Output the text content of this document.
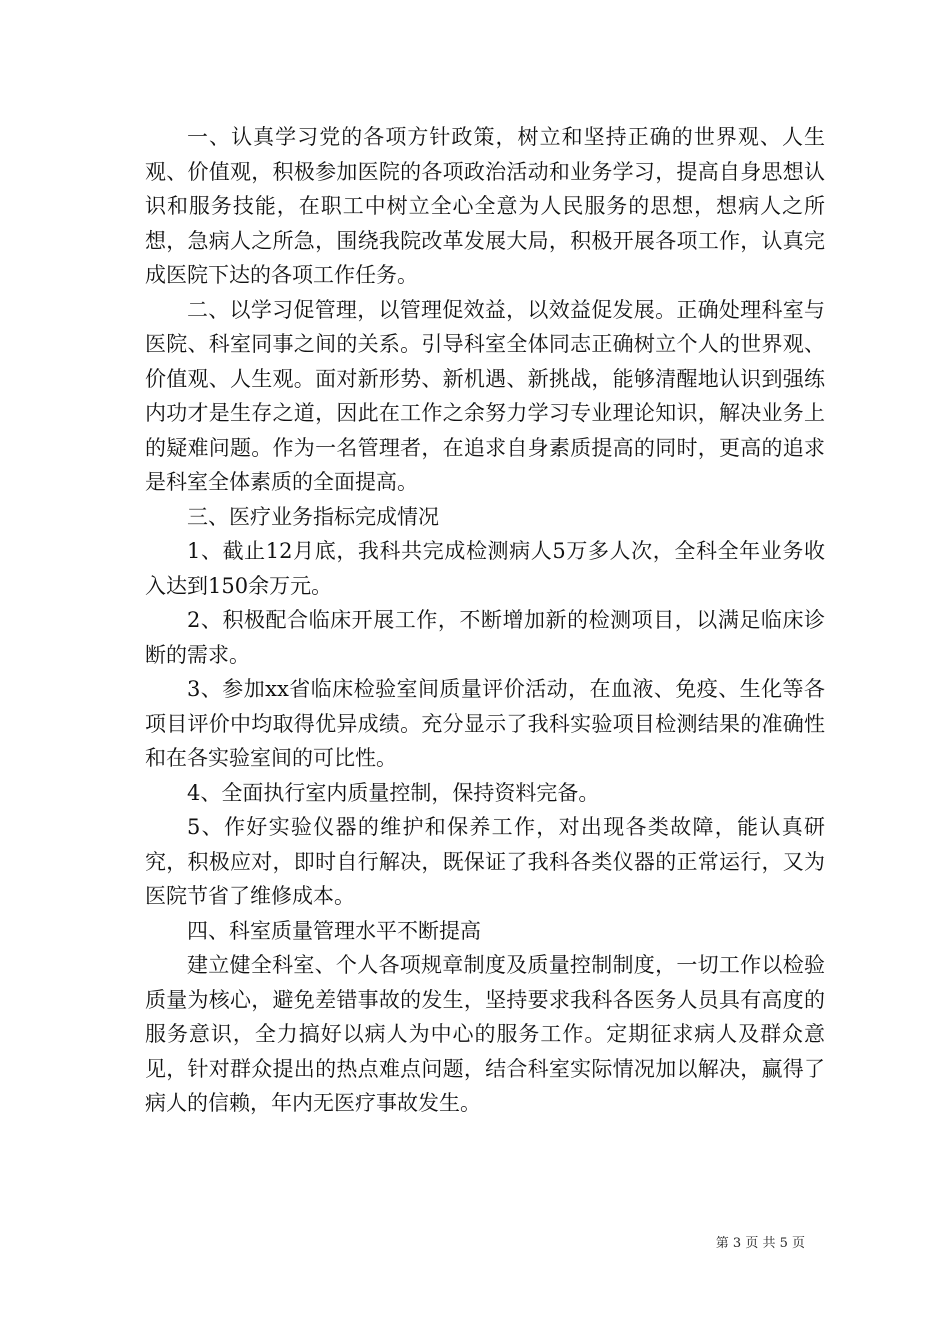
一、认真学习党的各项方针政策，树立和坚持正确的世界观、人生观、价值观，积极参加医院的各项政治活动和业务学习，提高自身思想认识和服务技能，在职工中树立全心全意为人民服务的思想，想病人之所想，急病人之所急，围绕我院改革发展大局，积极开展各项工作，认真完成医院下达的各项工作任务。

二、以学习促管理，以管理促效益，以效益促发展。正确处理科室与医院、科室同事之间的关系。引导科室全体同志正确树立个人的世界观、价值观、人生观。面对新形势、新机遇、新挑战，能够清醒地认识到强练内功才是生存之道，因此在工作之余努力学习专业理论知识，解决业务上的疑难问题。作为一名管理者，在追求自身素质提高的同时，更高的追求是科室全体素质的全面提高。

三、医疗业务指标完成情况

1、截止12月底，我科共完成检测病人5万多人次，全科全年业务收入达到150余万元。

2、积极配合临床开展工作，不断增加新的检测项目，以满足临床诊断的需求。

3、参加xx省临床检验室间质量评价活动，在血液、免疫、生化等各项目评价中均取得优异成绩。充分显示了我科实验项目检测结果的准确性和在各实验室间的可比性。

4、全面执行室内质量控制，保持资料完备。

5、作好实验仪器的维护和保养工作，对出现各类故障，能认真研究，积极应对，即时自行解决，既保证了我科各类仪器的正常运行，又为医院节省了维修成本。

四、科室质量管理水平不断提高

建立健全科室、个人各项规章制度及质量控制制度，一切工作以检验质量为核心，避免差错事故的发生，坚持要求我科各医务人员具有高度的服务意识，全力搞好以病人为中心的服务工作。定期征求病人及群众意见，针对群众提出的热点难点问题，结合科室实际情况加以解决，赢得了病人的信赖，年内无医疗事故发生。

第 3 页 共 5 页
